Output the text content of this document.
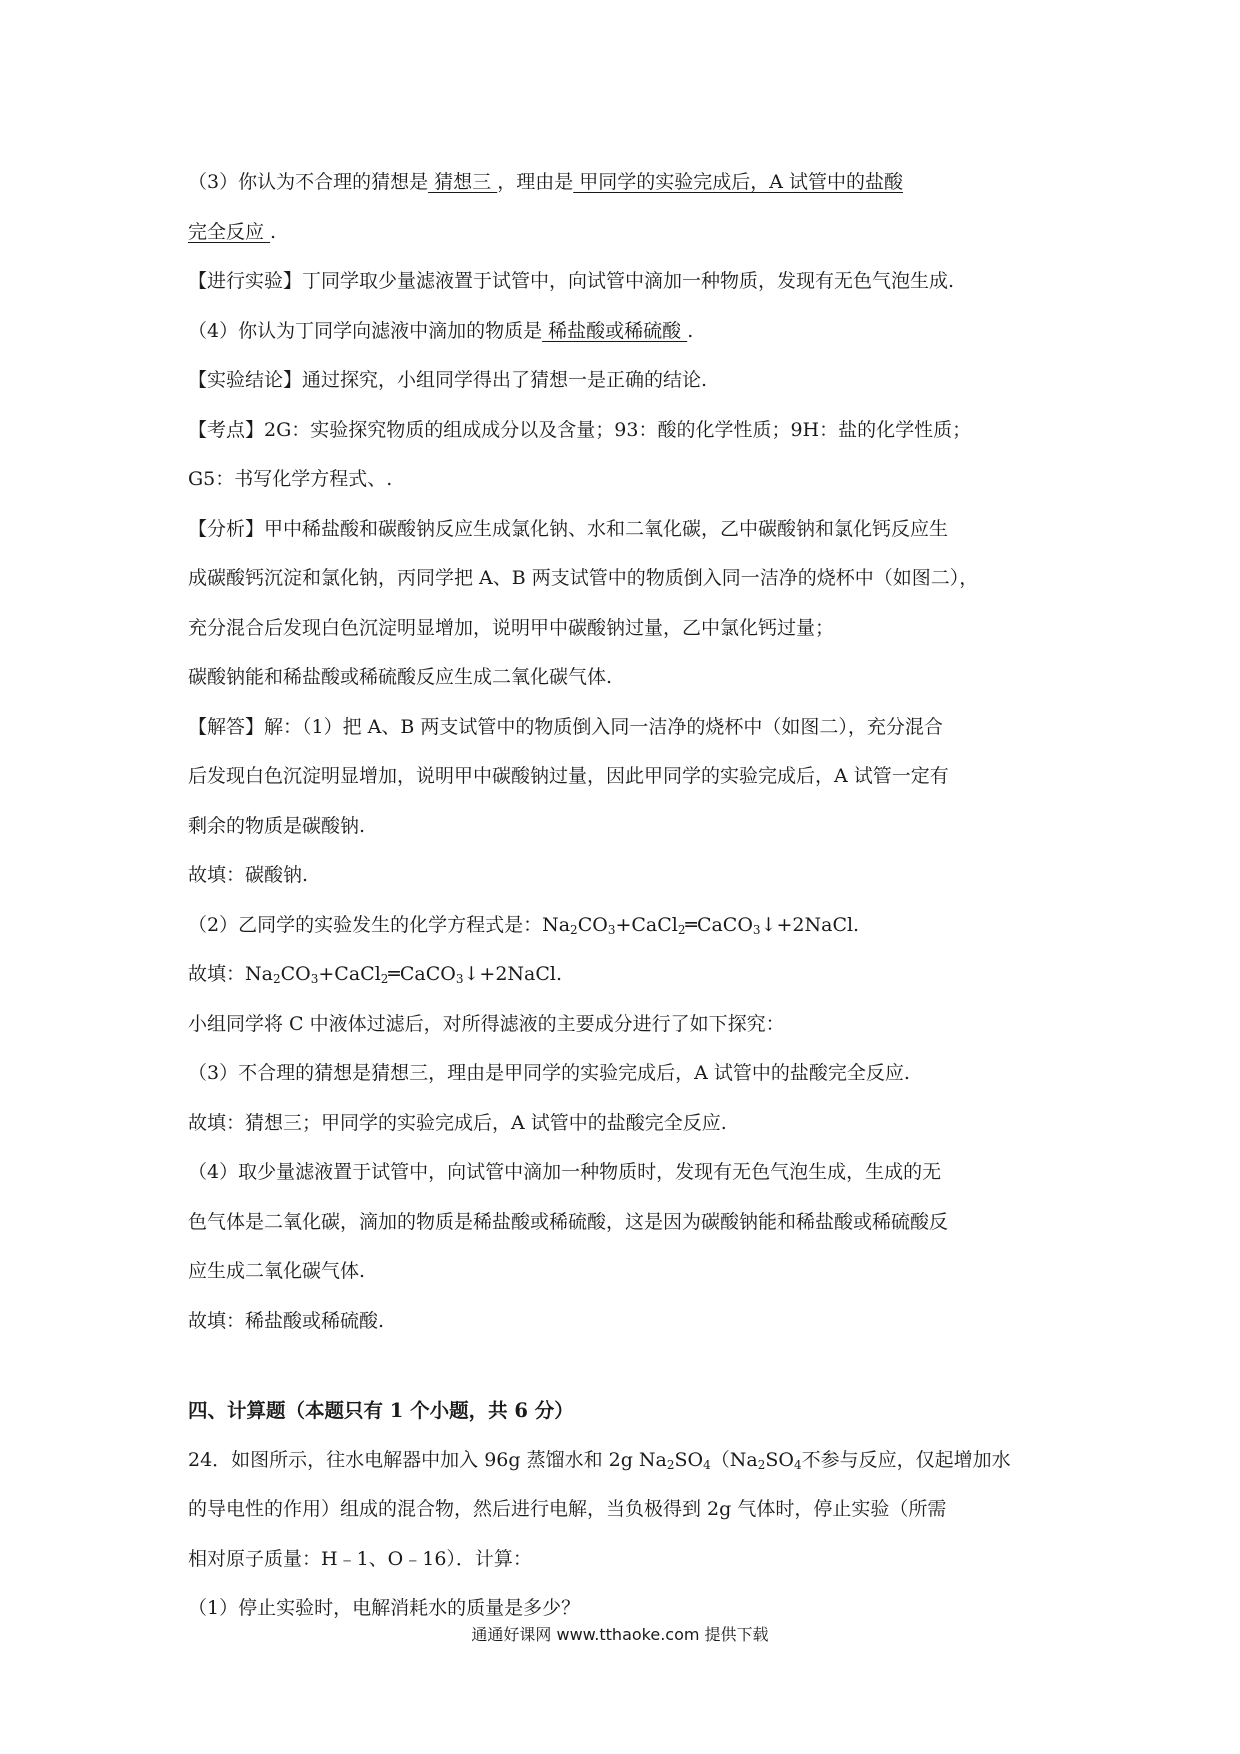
（3）你认为不合理的猜想是 猜想三 ，理由是 甲同学的实验完成后，A 试管中的盐酸

完全反应 .

【进行实验】丁同学取少量滤液置于试管中，向试管中滴加一种物质，发现有无色气泡生成.

（4）你认为丁同学向滤液中滴加的物质是 稀盐酸或稀硫酸 .

【实验结论】通过探究，小组同学得出了猜想一是正确的结论.

【考点】2G：实验探究物质的组成成分以及含量；93：酸的化学性质；9H：盐的化学性质；

G5：书写化学方程式、.

【分析】甲中稀盐酸和碳酸钠反应生成氯化钠、水和二氧化碳，乙中碳酸钠和氯化钙反应生

成碳酸钙沉淀和氯化钠，丙同学把 A、B 两支试管中的物质倒入同一洁净的烧杯中（如图二），

充分混合后发现白色沉淀明显增加，说明甲中碳酸钠过量，乙中氯化钙过量；

碳酸钠能和稀盐酸或稀硫酸反应生成二氧化碳气体.

【解答】解：（1）把 A、B 两支试管中的物质倒入同一洁净的烧杯中（如图二），充分混合

后发现白色沉淀明显增加，说明甲中碳酸钠过量，因此甲同学的实验完成后，A 试管一定有

剩余的物质是碳酸钠.

故填：碳酸钠.

（2）乙同学的实验发生的化学方程式是：$Na_2CO_3+CaCl_2═CaCO_3↓+2NaCl$.

故填：$Na_2CO_3+CaCl_2═CaCO_3↓+2NaCl$.

小组同学将 C 中液体过滤后，对所得滤液的主要成分进行了如下探究：

（3）不合理的猜想是猜想三，理由是甲同学的实验完成后，A 试管中的盐酸完全反应.

故填：猜想三；甲同学的实验完成后，A 试管中的盐酸完全反应.

（4）取少量滤液置于试管中，向试管中滴加一种物质时，发现有无色气泡生成，生成的无

色气体是二氧化碳，滴加的物质是稀盐酸或稀硫酸，这是因为碳酸钠能和稀盐酸或稀硫酸反

应生成二氧化碳气体.

故填：稀盐酸或稀硫酸.

四、计算题（本题只有 1 个小题，共 6 分）

24．如图所示，往水电解器中加入 96g 蒸馏水和 2g $Na_2SO_4(Na_2SO_4$不参与反应，仅起增加水

的导电性的作用）组成的混合物，然后进行电解，当负极得到 2g 气体时，停止实验（所需

相对原子质量：H﹣1、O﹣16）．计算：

（1）停止实验时，电解消耗水的质量是多少？

通通好课网 www.tthaoke.com 提供下载
